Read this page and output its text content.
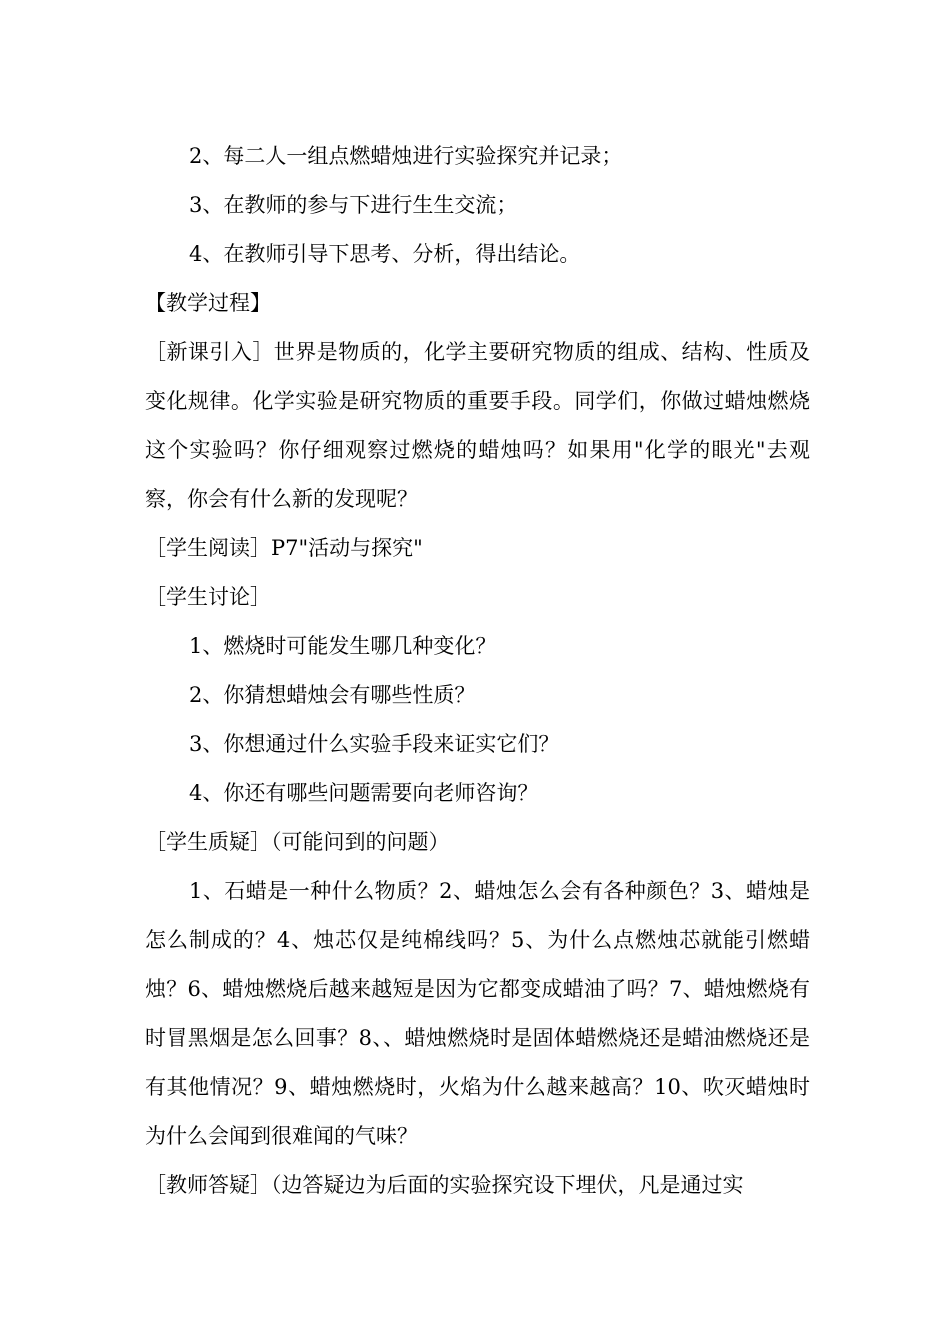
2、每二人一组点燃蜡烛进行实验探究并记录；
3、在教师的参与下进行生生交流；
4、在教师引导下思考、分析，得出结论。
【教学过程】
［新课引入］世界是物质的，化学主要研究物质的组成、结构、性质及变化规律。化学实验是研究物质的重要手段。同学们，你做过蜡烛燃烧这个实验吗？你仔细观察过燃烧的蜡烛吗？如果用"化学的眼光"去观察，你会有什么新的发现呢？
［学生阅读］P7"活动与探究"
［学生讨论］
1、燃烧时可能发生哪几种变化？
2、你猜想蜡烛会有哪些性质？
3、你想通过什么实验手段来证实它们？
4、你还有哪些问题需要向老师咨询？
［学生质疑］（可能问到的问题）
1、石蜡是一种什么物质？2、蜡烛怎么会有各种颜色？3、蜡烛是怎么制成的？4、烛芯仅是纯棉线吗？5、为什么点燃烛芯就能引燃蜡烛？6、蜡烛燃烧后越来越短是因为它都变成蜡油了吗？7、蜡烛燃烧有时冒黑烟是怎么回事？8、、蜡烛燃烧时是固体蜡燃烧还是蜡油燃烧还是有其他情况？9、蜡烛燃烧时，火焰为什么越来越高？10、吹灭蜡烛时为什么会闻到很难闻的气味？
［教师答疑］（边答疑边为后面的实验探究设下埋伏，凡是通过实
